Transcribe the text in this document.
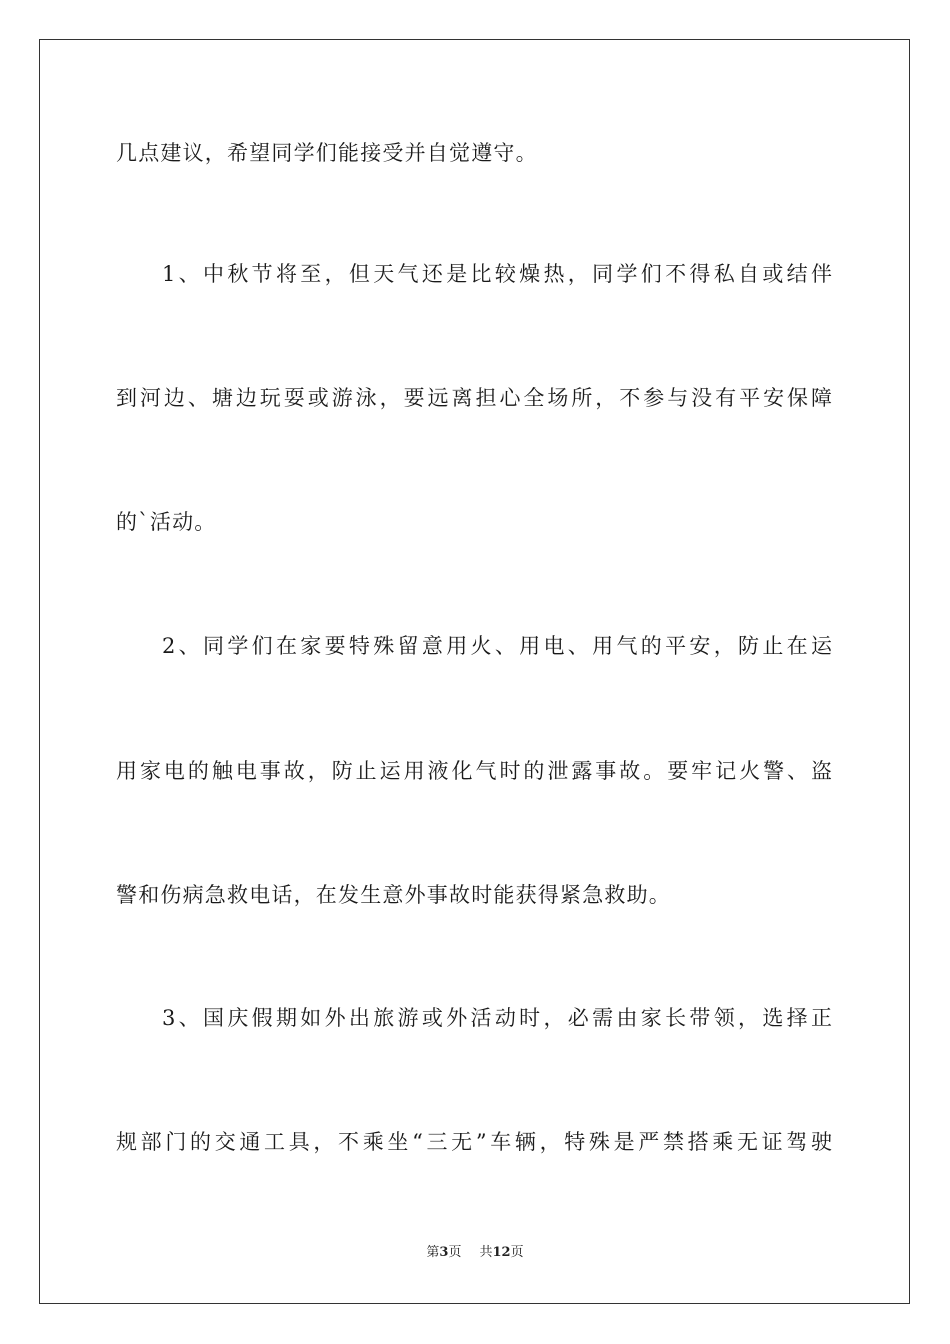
几点建议，希望同学们能接受并自觉遵守。
1、中秋节将至，但天气还是比较燥热，同学们不得私自或结伴
到河边、塘边玩耍或游泳，要远离担心全场所，不参与没有平安保障
的`活动。
2、同学们在家要特殊留意用火、用电、用气的平安，防止在运
用家电的触电事故，防止运用液化气时的泄露事故。要牢记火警、盗
警和伤病急救电话，在发生意外事故时能获得紧急救助。
3、国庆假期如外出旅游或外活动时，必需由家长带领，选择正
规部门的交通工具，不乘坐“三无”车辆，特殊是严禁搭乘无证驾驶
第3页 共12页
